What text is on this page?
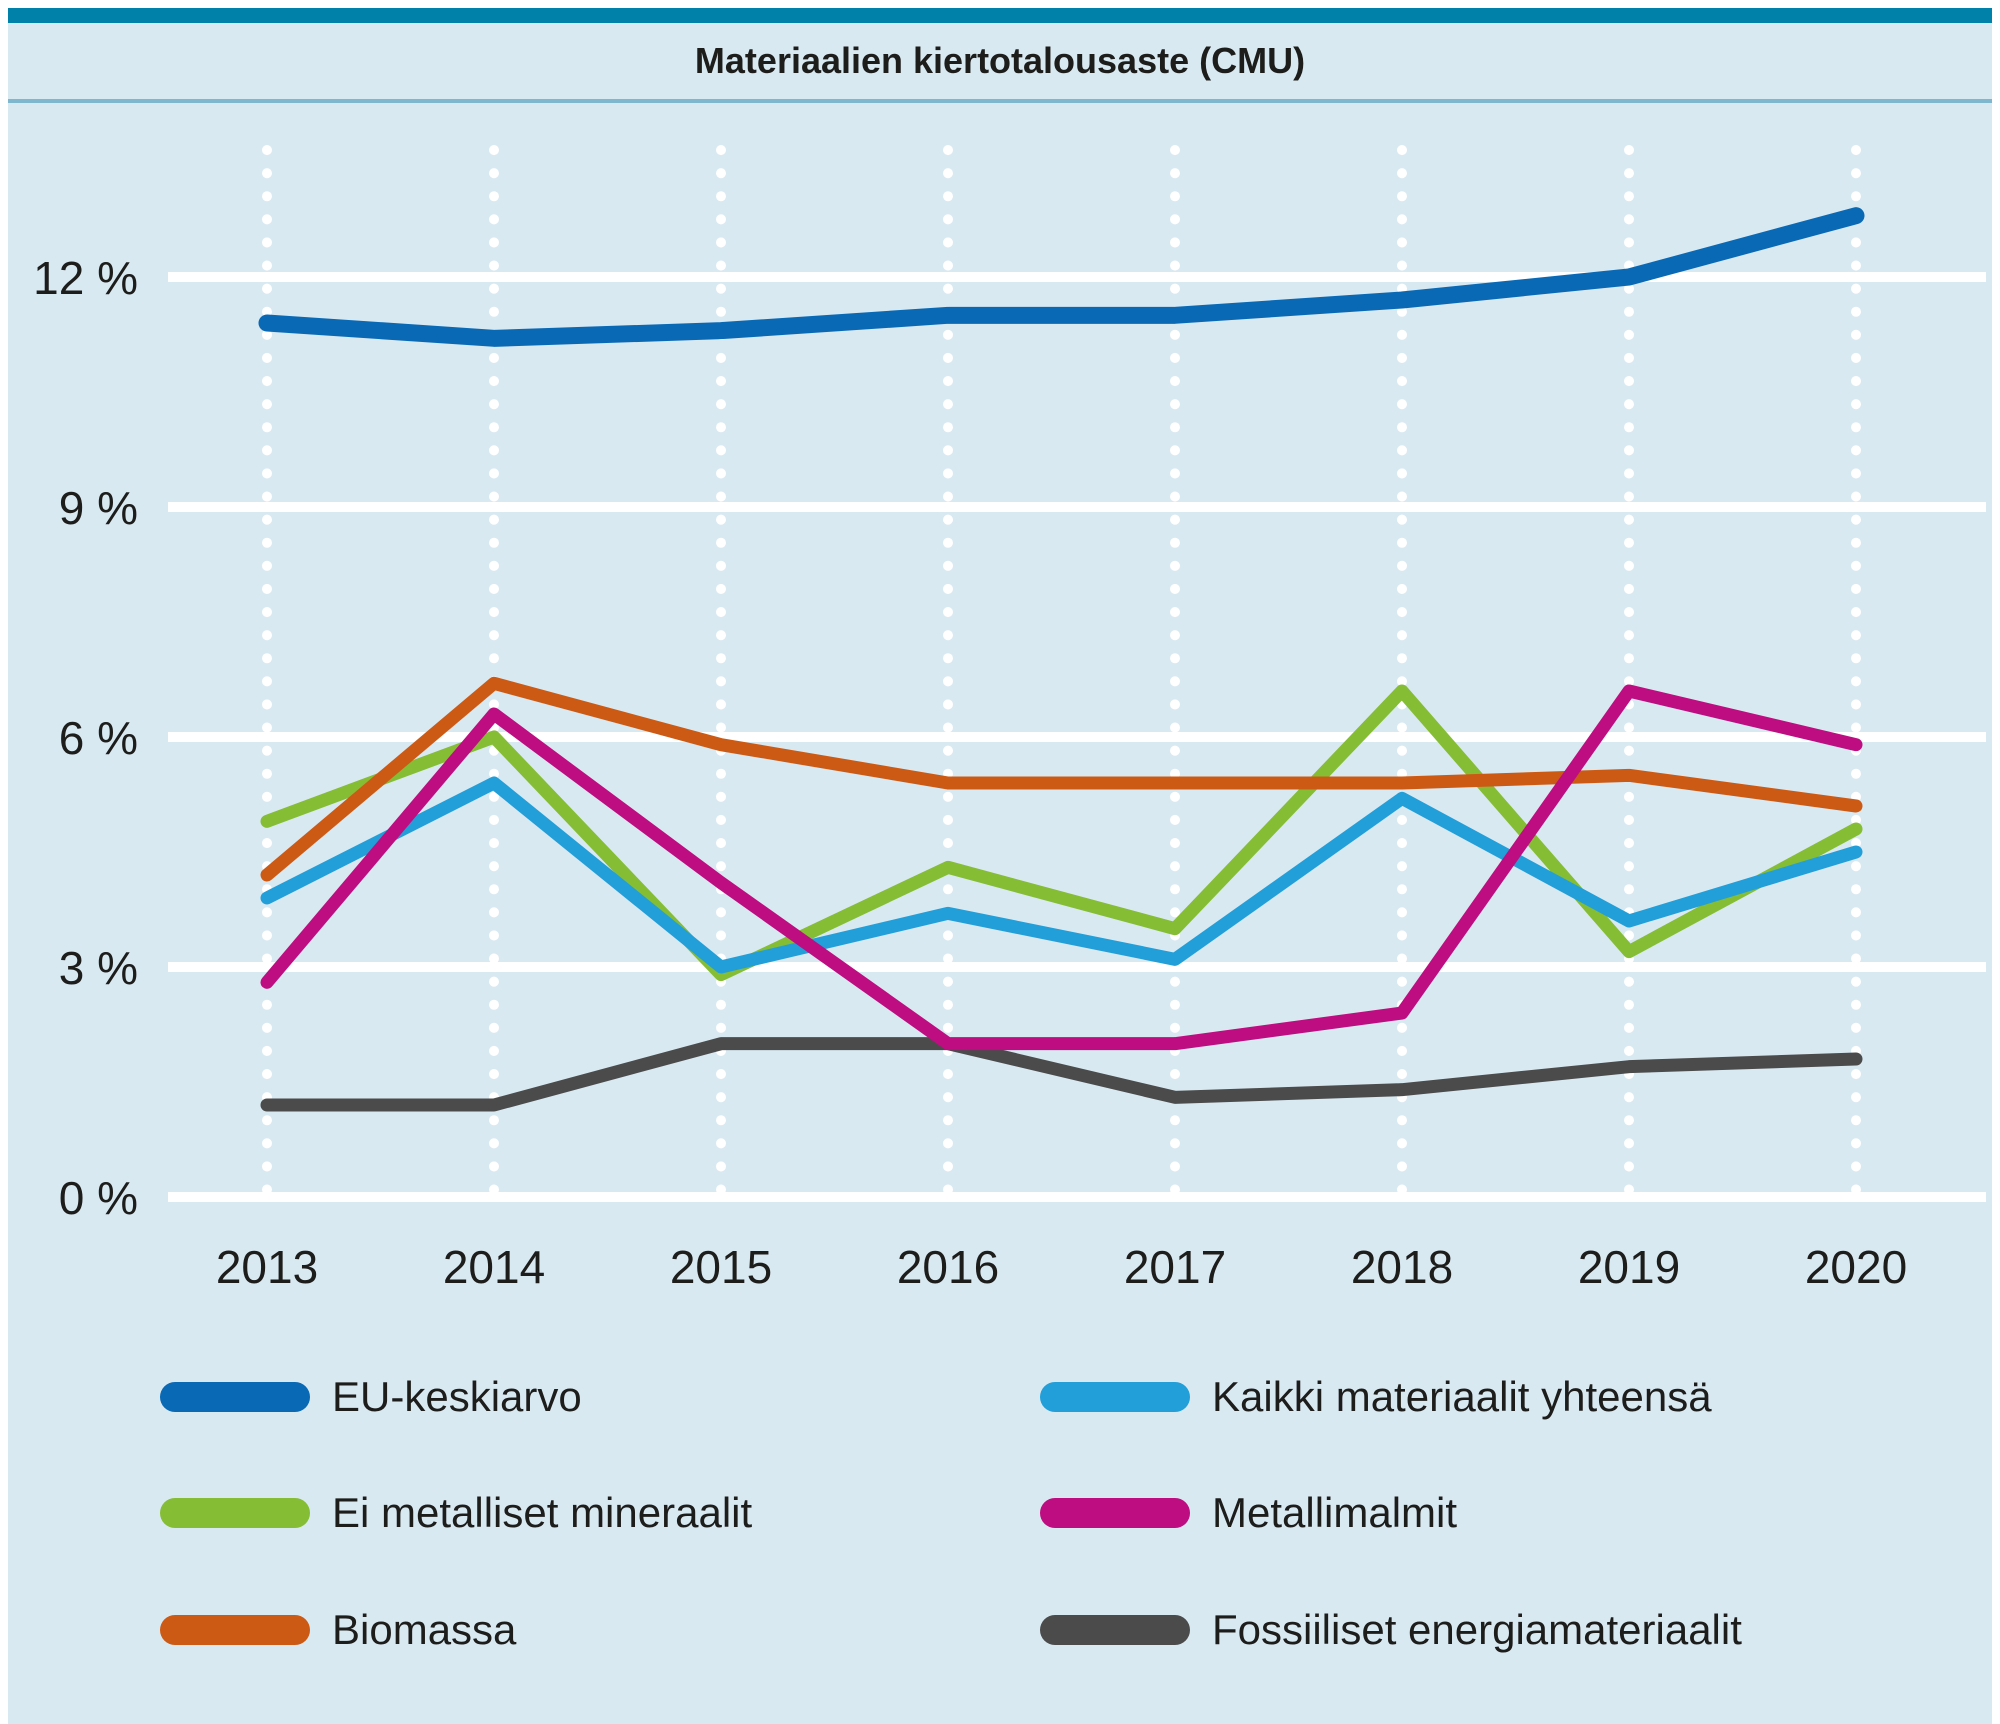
Materiaalien kiertotalousaste (CMU)
0 %
3 %
6 %
9 %
12 %
2013	2014	2015	2016	2017	2018	2019	2020
EU-keskiarvo	Kaikki materiaalit yhteensä
Ei metalliset mineraalit	Metallimalmit
Biomassa	Fossiiliset energiamateriaalit
